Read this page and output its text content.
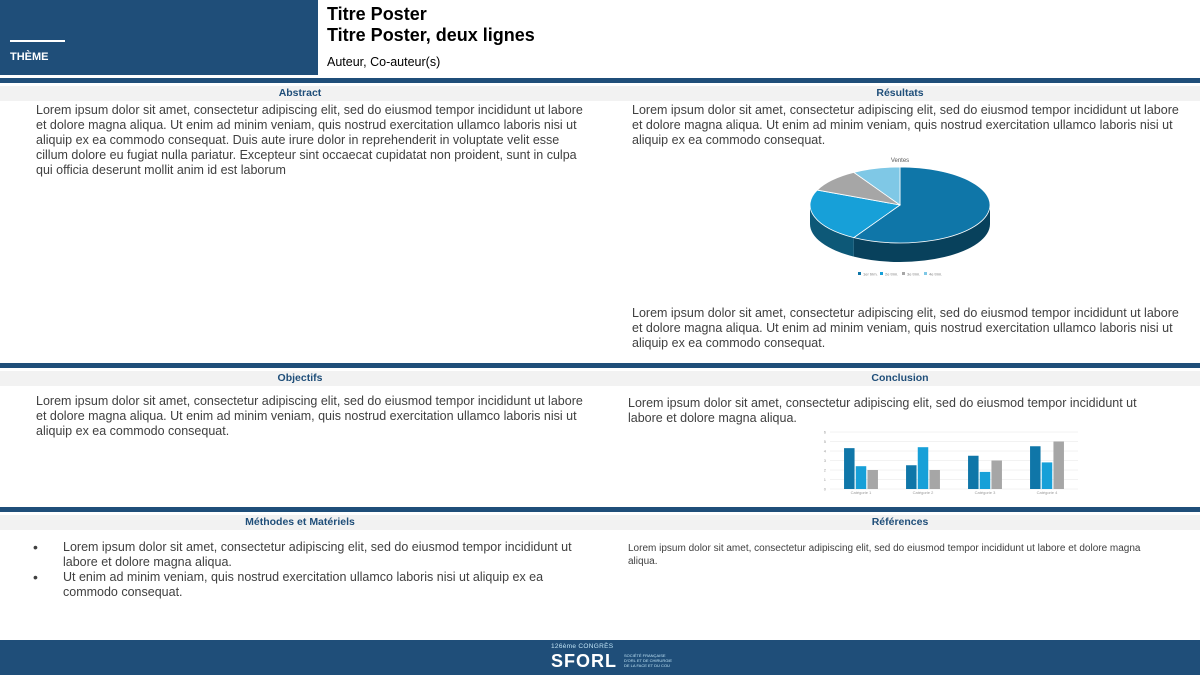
THÈME
Titre Poster
Titre Poster, deux lignes
Auteur, Co-auteur(s)
Abstract	Résultats
Lorem ipsum dolor sit amet, consectetur adipiscing elit, sed do eiusmod tempor incididunt ut labore et dolore magna aliqua. Ut enim ad minim veniam, quis nostrud exercitation ullamco laboris nisi ut aliquip ex ea commodo consequat. Duis aute irure dolor in reprehenderit in voluptate velit esse cillum dolore eu fugiat nulla pariatur. Excepteur sint occaecat cupidatat non proident, sunt in culpa qui officia deserunt mollit anim id est laborum
Lorem ipsum dolor sit amet, consectetur adipiscing elit, sed do eiusmod tempor incididunt ut labore et dolore magna aliqua. Ut enim ad minim veniam, quis nostrud exercitation ullamco laboris nisi ut aliquip ex ea commodo consequat.
Ventes
1er trim. 2e trim. 3e trim. 4e trim.
Lorem ipsum dolor sit amet, consectetur adipiscing elit, sed do eiusmod tempor incididunt ut labore et dolore magna aliqua. Ut enim ad minim veniam, quis nostrud exercitation ullamco laboris nisi ut aliquip ex ea commodo consequat.
Objectifs	Conclusion
Lorem ipsum dolor sit amet, consectetur adipiscing elit, sed do eiusmod tempor incididunt ut labore et dolore magna aliqua. Ut enim ad minim veniam, quis nostrud exercitation ullamco laboris nisi ut aliquip ex ea commodo consequat.
Lorem ipsum dolor sit amet, consectetur adipiscing elit, sed do eiusmod tempor incididunt ut labore et dolore magna aliqua.
0
1
2
3
4
5
6
Catégorie 1	Catégorie 2	Catégorie 3	Catégorie 4
Méthodes et Matériels	Références
• Lorem ipsum dolor sit amet, consectetur adipiscing elit, sed do eiusmod tempor incididunt ut labore et dolore magna aliqua.
• Ut enim ad minim veniam, quis nostrud exercitation ullamco laboris nisi ut aliquip ex ea commodo consequat.
Lorem ipsum dolor sit amet, consectetur adipiscing elit, sed do eiusmod tempor incididunt ut labore et dolore magna aliqua.
126ème CONGRÈS
SFORL SOCIÉTÉ FRANÇAISE
D'ORL ET DE CHIRURGIE
DE LA FACE ET DU COU
